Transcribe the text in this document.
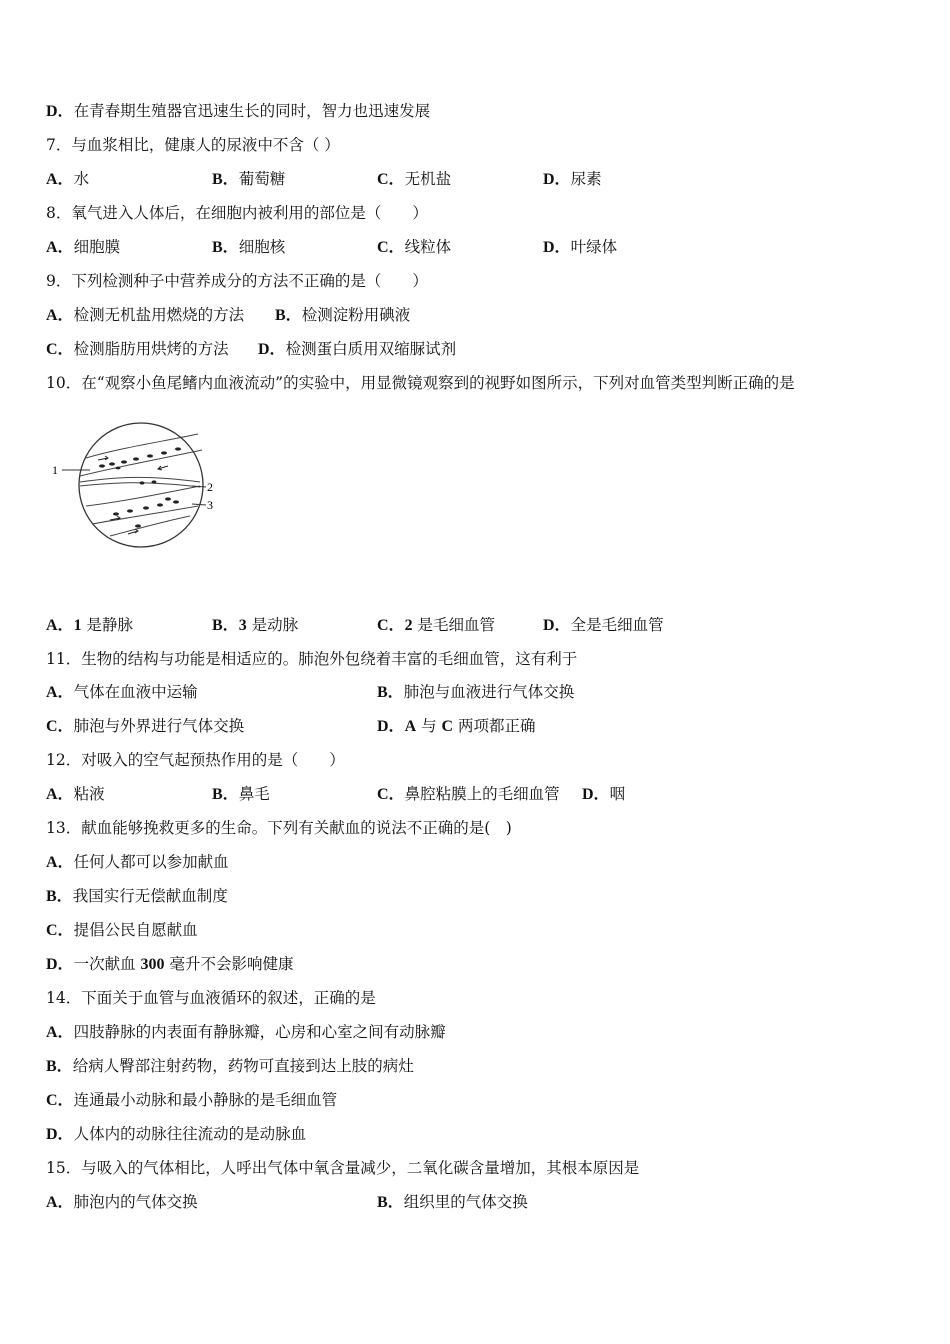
D．在青春期生殖器官迅速生长的同时，智力也迅速发展
7．与血浆相比，健康人的尿液中不含（ ）
A．水	B．葡萄糖	C．无机盐	D．尿素
8．氧气进入人体后，在细胞内被利用的部位是（　　）
A．细胞膜	B．细胞核	C．线粒体	D．叶绿体
9．下列检测种子中营养成分的方法不正确的是（　　）
A．检测无机盐用燃烧的方法 B．检测淀粉用碘液
C．检测脂肪用烘烤的方法 D．检测蛋白质用双缩脲试剂
10．在“观察小鱼尾鳍内血液流动”的实验中，用显微镜观察到的视野如图所示，下列对血管类型判断正确的是
1
2
3
A．1 是静脉	B．3 是动脉	C．2 是毛细血管	D．全是毛细血管
11．生物的结构与功能是相适应的。肺泡外包绕着丰富的毛细血管，这有利于
A．气体在血液中运输	B．肺泡与血液进行气体交换
C．肺泡与外界进行气体交换	D．A 与 C 两项都正确
12．对吸入的空气起预热作用的是（　　）
A．粘液	B．鼻毛	C．鼻腔粘膜上的毛细血管 D．咽
13．献血能够挽救更多的生命。下列有关献血的说法不正确的是(　)
A．任何人都可以参加献血
B．我国实行无偿献血制度
C．提倡公民自愿献血
D．一次献血 300 毫升不会影响健康
14．下面关于血管与血液循环的叙述，正确的是
A．四肢静脉的内表面有静脉瓣，心房和心室之间有动脉瓣
B．给病人臀部注射药物，药物可直接到达上肢的病灶
C．连通最小动脉和最小静脉的是毛细血管
D．人体内的动脉往往流动的是动脉血
15．与吸入的气体相比，人呼出气体中氧含量减少，二氧化碳含量增加，其根本原因是
A．肺泡内的气体交换	B．组织里的气体交换
